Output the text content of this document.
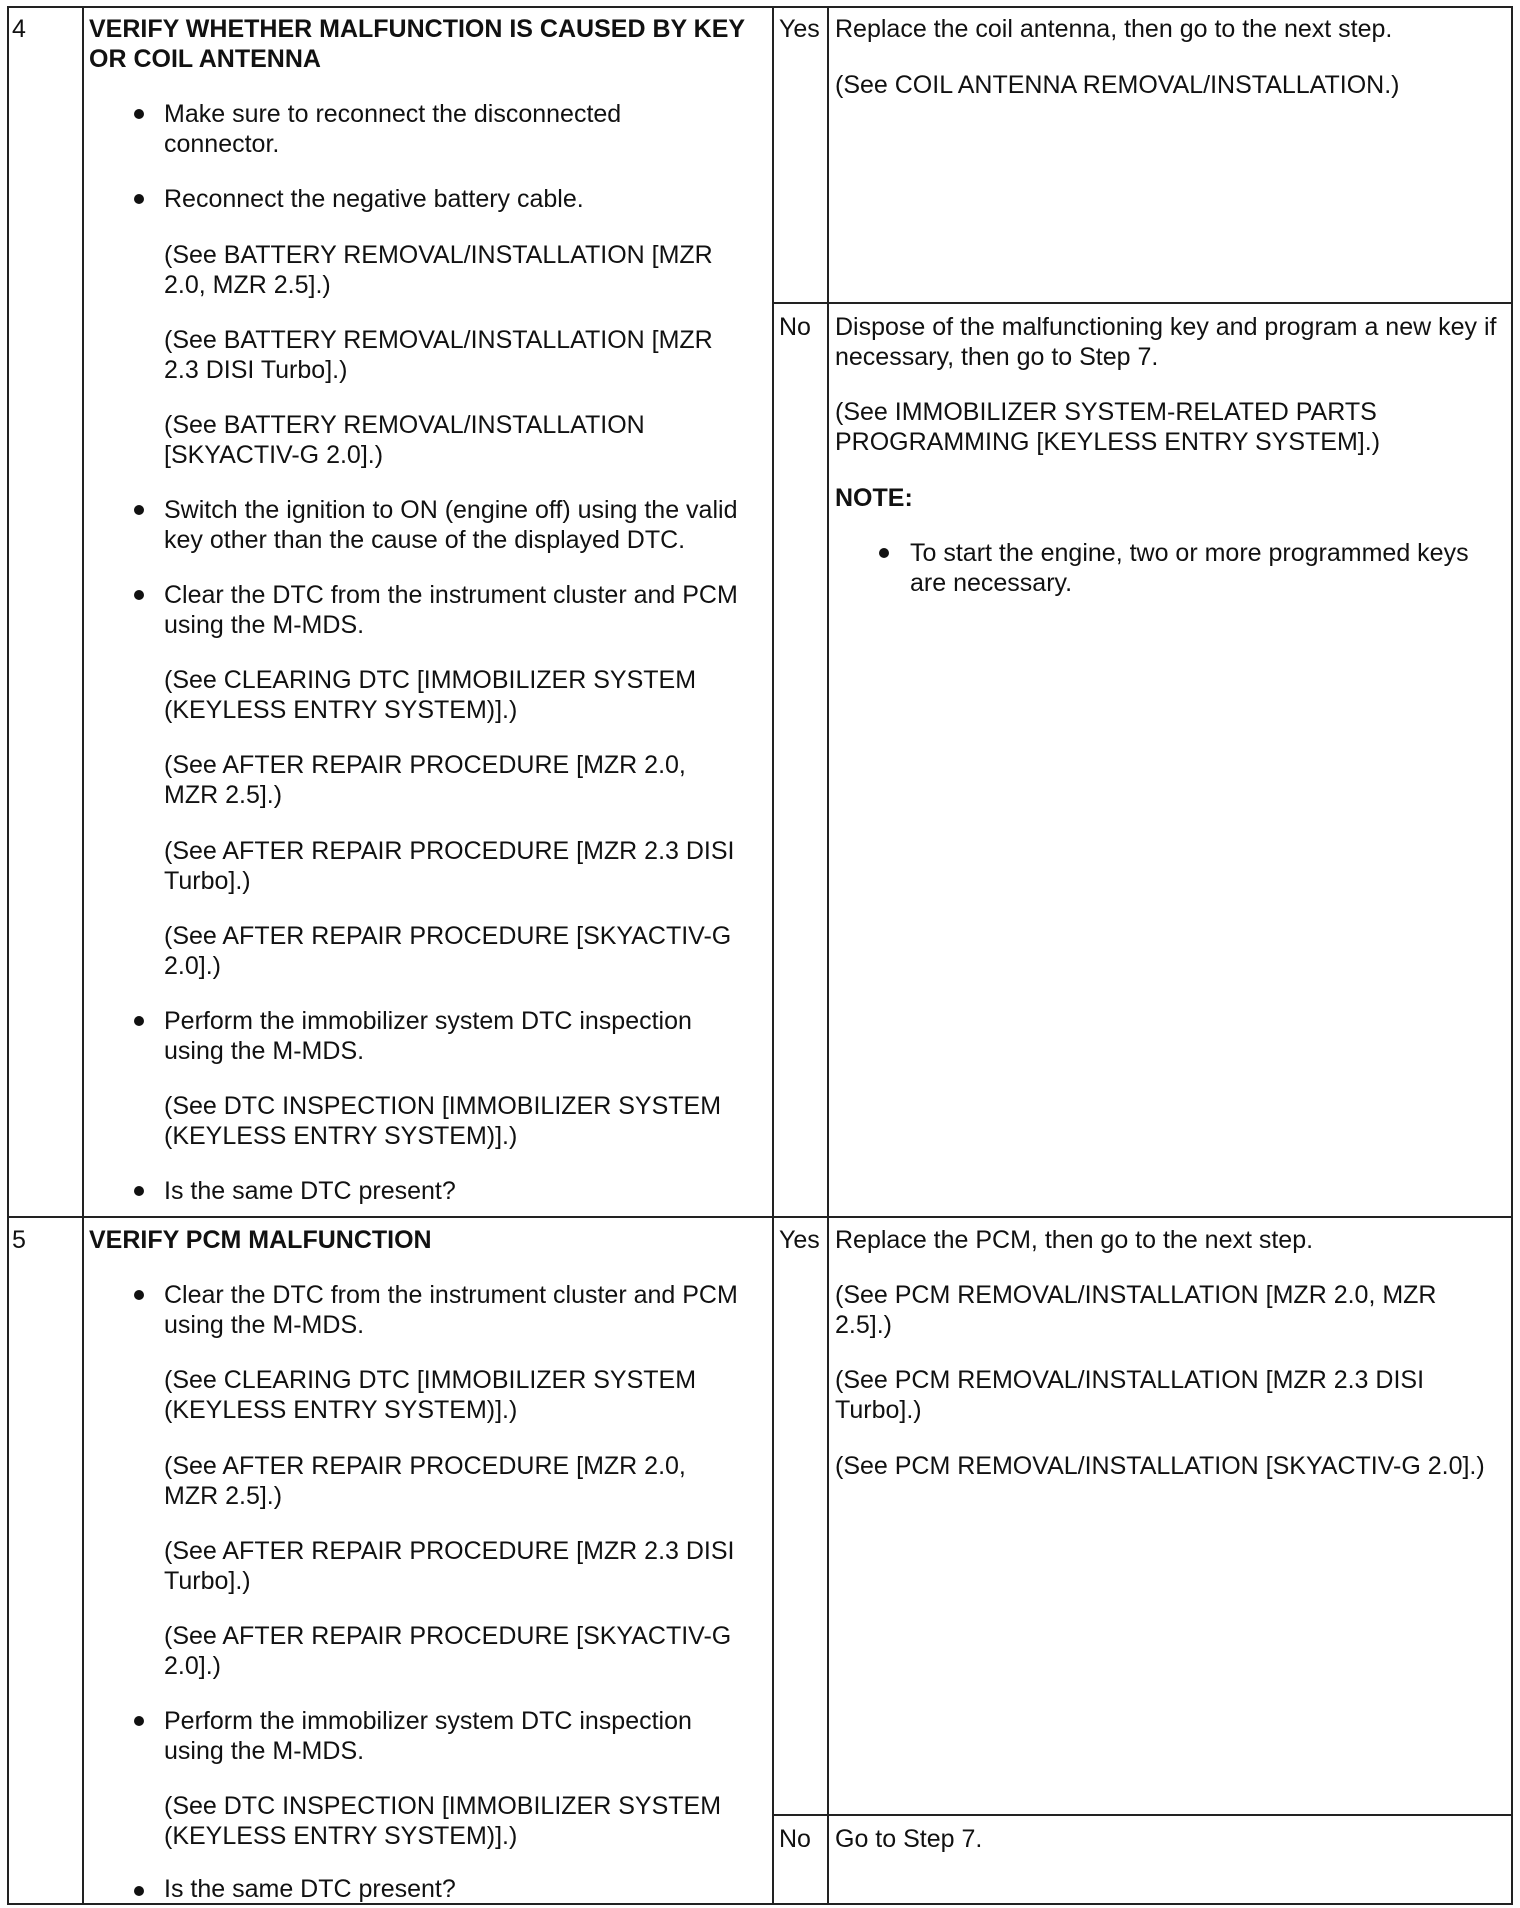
4	VERIFY WHETHER MALFUNCTION IS CAUSED BY KEY
OR COIL ANTENNA
Make sure to reconnect the disconnected
connector.
Reconnect the negative battery cable.
(See BATTERY REMOVAL/INSTALLATION [MZR
2.0, MZR 2.5].)
(See BATTERY REMOVAL/INSTALLATION [MZR
2.3 DISI Turbo].)
(See BATTERY REMOVAL/INSTALLATION
[SKYACTIV-G 2.0].)
Switch the ignition to ON (engine off) using the valid
key other than the cause of the displayed DTC.
Clear the DTC from the instrument cluster and PCM
using the M-MDS.
(See CLEARING DTC [IMMOBILIZER SYSTEM
(KEYLESS ENTRY SYSTEM)].)
(See AFTER REPAIR PROCEDURE [MZR 2.0,
MZR 2.5].)
(See AFTER REPAIR PROCEDURE [MZR 2.3 DISI
Turbo].)
(See AFTER REPAIR PROCEDURE [SKYACTIV-G
2.0].)
Perform the immobilizer system DTC inspection
using the M-MDS.
(See DTC INSPECTION [IMMOBILIZER SYSTEM
(KEYLESS ENTRY SYSTEM)].)
Is the same DTC present?
Yes Replace the coil antenna, then go to the next step.
(See COIL ANTENNA REMOVAL/INSTALLATION.)
No Dispose of the malfunctioning key and program a new key if
necessary, then go to Step 7.
(See IMMOBILIZER SYSTEM-RELATED PARTS
PROGRAMMING [KEYLESS ENTRY SYSTEM].)
NOTE:
To start the engine, two or more programmed keys
are necessary.
5	VERIFY PCM MALFUNCTION
Clear the DTC from the instrument cluster and PCM
using the M-MDS.
(See CLEARING DTC [IMMOBILIZER SYSTEM
(KEYLESS ENTRY SYSTEM)].)
(See AFTER REPAIR PROCEDURE [MZR 2.0,
MZR 2.5].)
(See AFTER REPAIR PROCEDURE [MZR 2.3 DISI
Turbo].)
(See AFTER REPAIR PROCEDURE [SKYACTIV-G
2.0].)
Perform the immobilizer system DTC inspection
using the M-MDS.
(See DTC INSPECTION [IMMOBILIZER SYSTEM
(KEYLESS ENTRY SYSTEM)].)
Is the same DTC present?
Yes Replace the PCM, then go to the next step.
(See PCM REMOVAL/INSTALLATION [MZR 2.0, MZR
2.5].)
(See PCM REMOVAL/INSTALLATION [MZR 2.3 DISI
Turbo].)
(See PCM REMOVAL/INSTALLATION [SKYACTIV-G 2.0].)
No Go to Step 7.
